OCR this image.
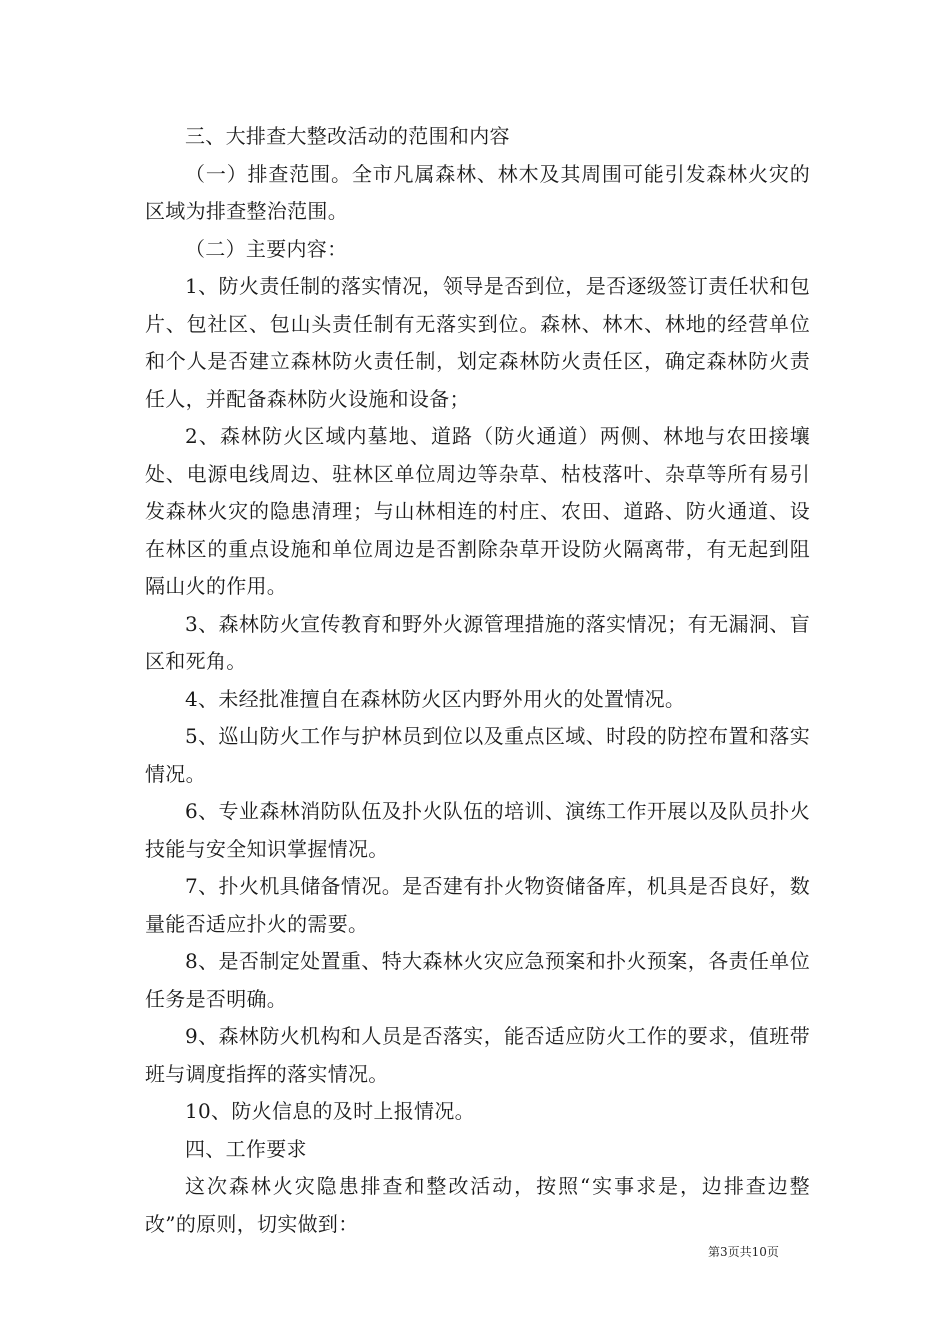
三、大排查大整改活动的范围和内容

（一）排查范围。全市凡属森林、林木及其周围可能引发森林火灾的区域为排查整治范围。

（二）主要内容：

1、防火责任制的落实情况，领导是否到位，是否逐级签订责任状和包片、包社区、包山头责任制有无落实到位。森林、林木、林地的经营单位和个人是否建立森林防火责任制，划定森林防火责任区，确定森林防火责任人，并配备森林防火设施和设备；

2、森林防火区域内墓地、道路（防火通道）两侧、林地与农田接壤处、电源电线周边、驻林区单位周边等杂草、枯枝落叶、杂草等所有易引发森林火灾的隐患清理；与山林相连的村庄、农田、道路、防火通道、设在林区的重点设施和单位周边是否割除杂草开设防火隔离带，有无起到阻隔山火的作用。

3、森林防火宣传教育和野外火源管理措施的落实情况；有无漏洞、盲区和死角。

4、未经批准擅自在森林防火区内野外用火的处置情况。

5、巡山防火工作与护林员到位以及重点区域、时段的防控布置和落实情况。

6、专业森林消防队伍及扑火队伍的培训、演练工作开展以及队员扑火技能与安全知识掌握情况。

7、扑火机具储备情况。是否建有扑火物资储备库，机具是否良好，数量能否适应扑火的需要。

8、是否制定处置重、特大森林火灾应急预案和扑火预案，各责任单位任务是否明确。

9、森林防火机构和人员是否落实，能否适应防火工作的要求，值班带班与调度指挥的落实情况。

10、防火信息的及时上报情况。

四、工作要求

这次森林火灾隐患排查和整改活动，按照“实事求是，边排查边整改”的原则，切实做到：

第3页共10页
